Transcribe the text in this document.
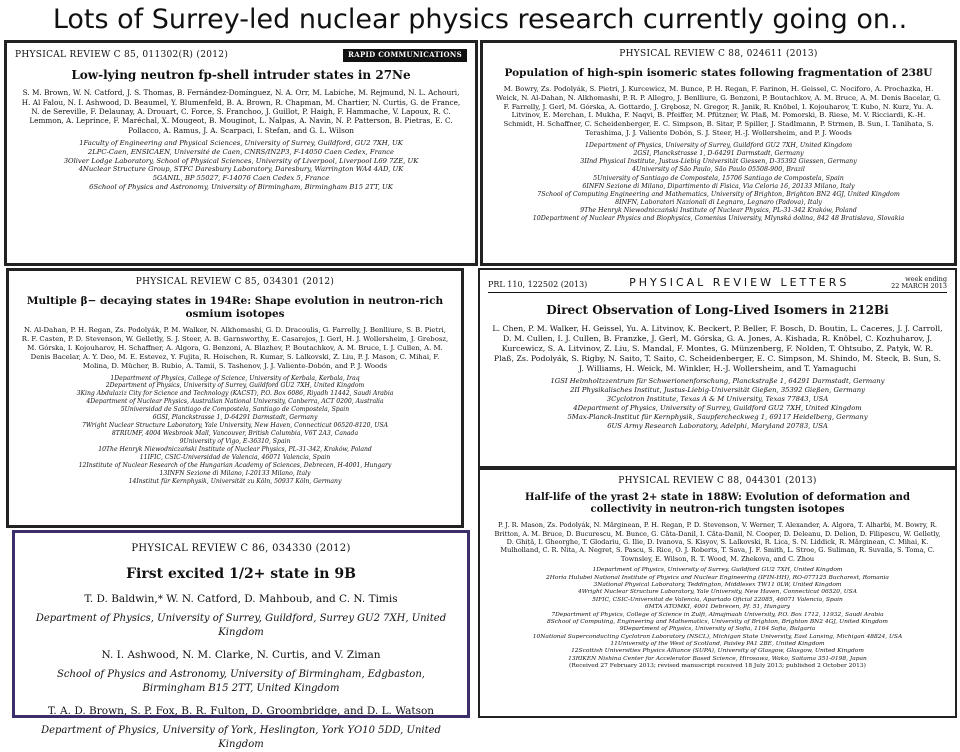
Lots of Surrey-led nuclear physics research currently going on..
PHYSICAL REVIEW C 85, 011302(R) (2012)	RAPID COMMUNICATIONS
Low-lying neutron fp-shell intruder states in 27Ne
S. M. Brown, W. N. Catford, J. S. Thomas, B. Fernández-Domínguez, N. A. Orr, M. Labiche, M. Rejmund, N. L. Achouri, H. Al Falou, N. I. Ashwood, D. Beaumel, Y. Blumenfeld, B. A. Brown, R. Chapman, M. Chartier, N. Curtis, G. de France, N. de Sereville, F. Delaunay, A. Drouart, C. Force, S. Franchoo, J. Guillot, P. Haigh, F. Hammache, V. Lapoux, R. C. Lemmon, A. Leprince, F. Maréchal, X. Mougeot, B. Mouginot, L. Nalpas, A. Navin, N. P. Patterson, B. Pietras, E. C. Pollacco, A. Ramus, J. A. Scarpaci, I. Stefan, and G. L. Wilson
1Faculty of Engineering and Physical Sciences, University of Surrey, Guildford, GU2 7XH, UK
2LPC-Caen, ENSICAEN, Université de Caen, CNRS/IN2P3, F-14050 Caen Cedex, France
3Oliver Lodge Laboratory, School of Physical Sciences, University of Liverpool, Liverpool L69 7ZE, UK
4Nuclear Structure Group, STFC Daresbury Laboratory, Daresbury, Warrington WA4 4AD, UK
5GANIL, BP 55027, F-14076 Caen Cedex 5, France
6School of Physics and Astronomy, University of Birmingham, Birmingham B15 2TT, UK
PHYSICAL REVIEW C 88, 024611 (2013)
Population of high-spin isomeric states following fragmentation of 238U
M. Bowry, Zs. Podolyák, S. Pietri, J. Kurcewicz, M. Bunce, P. H. Regan, F. Farinon, H. Geissel, C. Nociforo, A. Prochazka, H. Weick, N. Al-Dahan, N. Alkhomashi, P. R. P. Allegro, J. Benlliure, G. Benzoni, P. Boutachkov, A. M. Bruce, A. M. Denis Bacelar, G. F. Farrelly, J. Gerl, M. Górska, A. Gottardo, J. Grębosz, N. Gregor, R. Janik, R. Knöbel, I. Kojouharov, T. Kubo, N. Kurz, Yu. A. Litvinov, E. Merchan, I. Mukha, F. Naqvi, B. Pfeiffer, M. Pfützner, W. Plaß, M. Pomorski, B. Riese, M. V. Ricciardi, K.-H. Schmidt, H. Schaffner, C. Scheidenberger, E. C. Simpson, B. Sitar, P. Spiller, J. Stadlmann, P. Strmen, B. Sun, I. Tanihata, S. Terashima, J. J. Valiente Dobón, S. J. Steer, H.-J. Wollersheim, and P. J. Woods
1Department of Physics, University of Surrey, Guildford GU2 7XH, United Kingdom
2GSI, Planckstrasse 1, D-64291 Darmstadt, Germany
3IInd Physical Institute, Justus-Liebig Universität Giessen, D-35392 Giessen, Germany
4University of São Paulo, São Paulo 05508-900, Brazil
5University of Santiago de Compostela, 15706 Santiago de Compostela, Spain
6INFN Sezione di Milano, Dipartimento di Fisica, Via Celoria 16, 20133 Milano, Italy
7School of Computing Engineering and Mathematics, University of Brighton, Brighton BN2 4GJ, United Kingdom
8INFN, Laboratori Nazionali di Legnaro, Legnaro (Padova), Italy
9The Henryk Niewodniczański Institute of Nuclear Physics, PL-31-342 Kraków, Poland
10Department of Nuclear Physics and Biophysics, Comenius University, Mlynská dolina, 842 48 Bratislava, Slovakia
PHYSICAL REVIEW C 85, 034301 (2012)
Multiple β− decaying states in 194Re: Shape evolution in neutron-rich osmium isotopes
N. Al-Dahan, P. H. Regan, Zs. Podolyák, P. M. Walker, N. Alkhomashi, G. D. Dracoulis, G. Farrelly, J. Benlliure, S. B. Pietri, R. F. Casten, P. D. Stevenson, W. Gelletly, S. J. Steer, A. B. Garnsworthy, E. Casarejos, J. Gerl, H. J. Wollersheim, J. Grebosz, M. Górska, I. Kojouharov, H. Schaffner, A. Algora, G. Benzoni, A. Blazhev, P. Boutachkov, A. M. Bruce, I. J. Cullen, A. M. Denis Bacelar, A. Y. Deo, M. E. Estevez, Y. Fujita, R. Hoischen, R. Kumar, S. Lalkovski, Z. Liu, P. J. Mason, C. Mihai, F. Molina, D. Mücher, B. Rubio, A. Tamii, S. Tashenov, J. J. Valiente-Dobón, and P. J. Woods
1Department of Physics, College of Science, University of Kerbala, Kerbala, Iraq
2Department of Physics, University of Surrey, Guildford GU2 7XH, United Kingdom
3King Abdulaziz City for Science and Technology (KACST), P.O. Box 6086, Riyadh 11442, Saudi Arabia
4Department of Nuclear Physics, Australian National University, Canberra, ACT 0200, Australia
5Universidad de Santiago de Compostela, Santiago de Compostela, Spain
6GSI, Planckstrasse 1, D-64291 Darmstadt, Germany
7Wright Nuclear Structure Laboratory, Yale University, New Haven, Connecticut 06520-8120, USA
8TRIUMF, 4004 Wesbrook Mall, Vancouver, British Columbia, V6T 2A3, Canada
9University of Vigo, E-36310, Spain
10The Henryk Niewodniczański Institute of Nuclear Physics, PL-31-342, Kraków, Poland
11IFIC, CSIC-Universidad de Valencia, 46071 Valencia, Spain
12Institute of Nuclear Research of the Hungarian Academy of Sciences, Debrecen, H-4001, Hungary
13INFN Sezione di Milano, I-20133 Milano, Italy
14Institut für Kernphysik, Universität zu Köln, 50937 Köln, Germany
PRL 110, 122502 (2013)	PHYSICAL REVIEW LETTERS	week ending
22 MARCH 2013
Direct Observation of Long-Lived Isomers in 212Bi
L. Chen, P. M. Walker, H. Geissel, Yu. A. Litvinov, K. Beckert, P. Beller, F. Bosch, D. Boutin, L. Caceres, J. J. Carroll, D. M. Cullen, I. J. Cullen, B. Franzke, J. Gerl, M. Górska, G. A. Jones, A. Kishada, R. Knöbel, C. Kozhuharov, J. Kurcewicz, S. A. Litvinov, Z. Liu, S. Mandal, F. Montes, G. Münzenberg, F. Nolden, T. Ohtsubo, Z. Patyk, W. R. Plaß, Zs. Podolyák, S. Rigby, N. Saito, T. Saito, C. Scheidenberger, E. C. Simpson, M. Shindo, M. Steck, B. Sun, S. J. Williams, H. Weick, M. Winkler, H.-J. Wollersheim, and T. Yamaguchi
1GSI Helmholtzzentrum für Schwerionenforschung, Planckstraße 1, 64291 Darmstadt, Germany
2II Physikalisches Institut, Justus-Liebig-Universität Gießen, 35392 Gießen, Germany
3Cyclotron Institute, Texas A & M University, Texas 77843, USA
4Department of Physics, University of Surrey, Guildford GU2 7XH, United Kingdom
5Max-Planck-Institut für Kernphysik, Saupfercheckweg 1, 69117 Heidelberg, Germany
6US Army Research Laboratory, Adelphi, Maryland 20783, USA
PHYSICAL REVIEW C 88, 044301 (2013)
Half-life of the yrast 2+ state in 188W: Evolution of deformation and collectivity in neutron-rich tungsten isotopes
P. J. R. Mason, Zs. Podolyák, N. Mărginean, P. H. Regan, P. D. Stevenson, V. Werner, T. Alexander, A. Algora, T. Alharbi, M. Bowry, R. Britton, A. M. Bruce, D. Bucurescu, M. Bunce, G. Căta-Danil, I. Căta-Danil, N. Cooper, D. Deleanu, D. Delion, D. Filipescu, W. Gelletly, D. Ghiță, I. Gheorghe, T. Glodariu, G. Ilie, D. Ivanova, S. Kisyov, S. Lalkovski, R. Lica, S. N. Liddick, R. Mărginean, C. Mihai, K. Mulholland, C. R. Nita, A. Negret, S. Pascu, S. Rice, O. J. Roberts, T. Sava, J. F. Smith, L. Stroe, G. Suliman, R. Suvaila, S. Toma, C. Townsley, E. Wilson, R. T. Wood, M. Zhekova, and C. Zhou
1Department of Physics, University of Surrey, Guildford GU2 7XH, United Kingdom
2Horia Hulubei National Institute of Physics and Nuclear Engineering (IFIN-HH), RO-077125 Bucharest, Romania
3National Physical Laboratory, Teddington, Middlesex TW11 0LW, United Kingdom
4Wright Nuclear Structure Laboratory, Yale University, New Haven, Connecticut 06520, USA
5IFIC, CSIC-Universitat de Valencia, Apartado Oficial 22085, 46071 Valencia, Spain
6MTA ATOMKI, 4001 Debrecen, Pf. 51, Hungary
7Department of Physics, College of Science in Zulfi, Almajmaah University, P.O. Box 1712, 11932, Saudi Arabia
8School of Computing, Engineering and Mathematics, University of Brighton, Brighton BN2 4GJ, United Kingdom
9Department of Physics, University of Sofia, 1164 Sofia, Bulgaria
10National Superconducting Cyclotron Laboratory (NSCL), Michigan State University, East Lansing, Michigan 48824, USA
11University of the West of Scotland, Paisley PA1 2BE, United Kingdom
12Scottish Universities Physics Alliance (SUPA), University of Glasgow, Glasgow, United Kingdom
13RIKEN Nishina Center for Accelerator Based Science, Hirosawa, Wako, Saitama 351-0198, Japan
(Received 27 February 2013; revised manuscript received 18 July 2013; published 2 October 2013)
PHYSICAL REVIEW C 86, 034330 (2012)
First excited 1/2+ state in 9B
T. D. Baldwin,* W. N. Catford, D. Mahboub, and C. N. Timis
Department of Physics, University of Surrey, Guildford, Surrey GU2 7XH, United Kingdom
N. I. Ashwood, N. M. Clarke, N. Curtis, and V. Ziman
School of Physics and Astronomy, University of Birmingham, Edgbaston, Birmingham B15 2TT, United Kingdom
T. A. D. Brown, S. P. Fox, B. R. Fulton, D. Groombridge, and D. L. Watson
Department of Physics, University of York, Heslington, York YO10 5DD, United Kingdom
